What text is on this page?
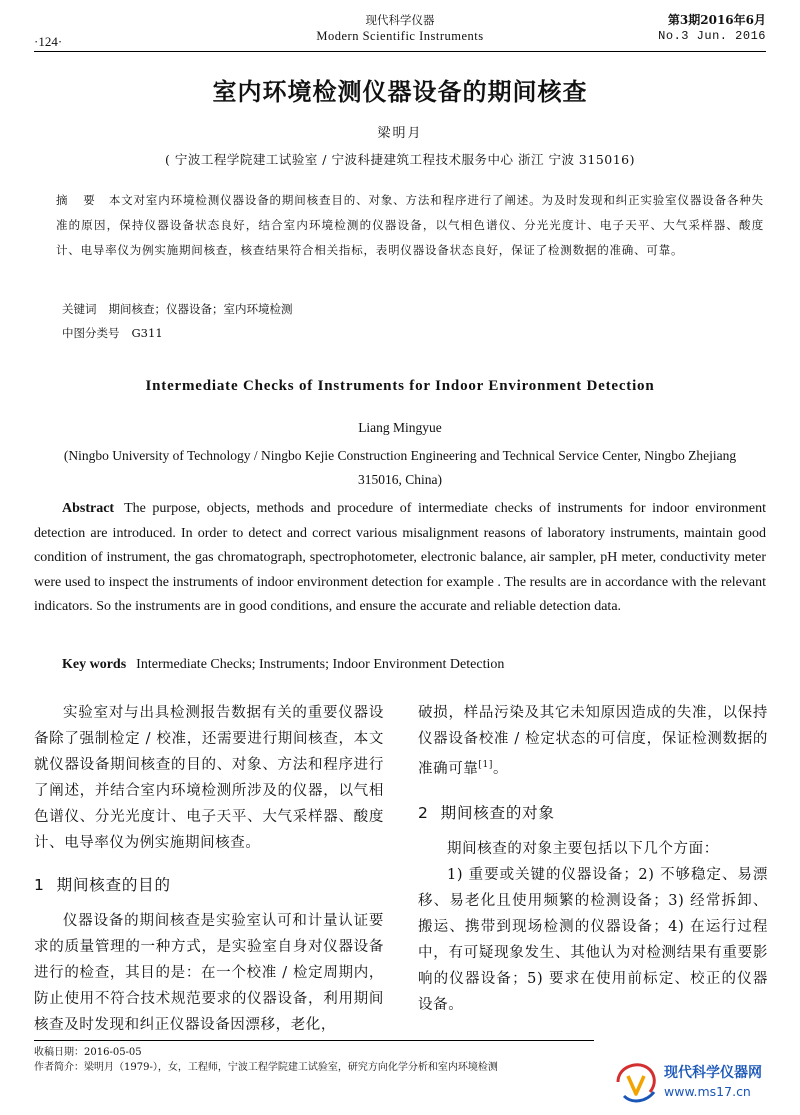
·124·
现代科学仪器
Modern Scientific Instruments
第3期2016年6月
No.3 Jun. 2016
室内环境检测仪器设备的期间核查
梁明月
( 宁波工程学院建工试验室 / 宁波科捷建筑工程技术服务中心 浙江 宁波 315016)
摘 要 本文对室内环境检测仪器设备的期间核查目的、对象、方法和程序进行了阐述。为及时发现和纠正实验室仪器设备各种失准的原因，保持仪器设备状态良好，结合室内环境检测的仪器设备，以气相色谱仪、分光光度计、电子天平、大气采样器、酸度计、电导率仪为例实施期间核查，核查结果符合相关指标，表明仪器设备状态良好，保证了检测数据的准确、可靠。
关键词 期间核查；仪器设备；室内环境检测
中图分类号 G311
Intermediate Checks of Instruments for Indoor Environment Detection
Liang Mingyue
(Ningbo University of Technology / Ningbo Kejie Construction Engineering and Technical Service Center, Ningbo Zhejiang 315016, China)
Abstract The purpose, objects, methods and procedure of intermediate checks of instruments for indoor environment detection are introduced. In order to detect and correct various misalignment reasons of laboratory instruments, maintain good condition of instrument, the gas chromatograph, spectrophotometer, electronic balance, air sampler, pH meter, conductivity meter were used to inspect the instruments of indoor environment detection for example . The results are in accordance with the relevant indicators. So the instruments are in good conditions, and ensure the accurate and reliable detection data.
Key words Intermediate Checks; Instruments; Indoor Environment Detection

实验室对与出具检测报告数据有关的重要仪器设备除了强制检定 / 校准，还需要进行期间核查，本文就仪器设备期间核查的目的、对象、方法和程序进行了阐述，并结合室内环境检测所涉及的仪器，以气相色谱仪、分光光度计、电子天平、大气采样器、酸度计、电导率仪为例实施期间核查。

1 期间核查的目的

仪器设备的期间核查是实验室认可和计量认证要求的质量管理的一种方式，是实验室自身对仪器设备进行的检查，其目的是：在一个校准 / 检定周期内，防止使用不符合技术规范要求的仪器设备，利用期间核查及时发现和纠正仪器设备因漂移，老化，

破损，样品污染及其它未知原因造成的失准，以保持仪器设备校准 / 检定状态的可信度，保证检测数据的准确可靠[1]。
2 期间核查的对象

期间核查的对象主要包括以下几个方面：

1) 重要或关键的仪器设备；2) 不够稳定、易漂移、易老化且使用频繁的检测设备；3) 经常拆卸、搬运、携带到现场检测的仪器设备；4) 在运行过程中，有可疑现象发生、其他认为对检测结果有重要影响的仪器设备；5) 要求在使用前标定、校正的仪器设备。

收稿日期：2016-05-05
作者简介：梁明月（1979-），女，工程师，宁波工程学院建工试验室，研究方向化学分析和室内环境检测	现代科学仪器网
www.ms17.cn
